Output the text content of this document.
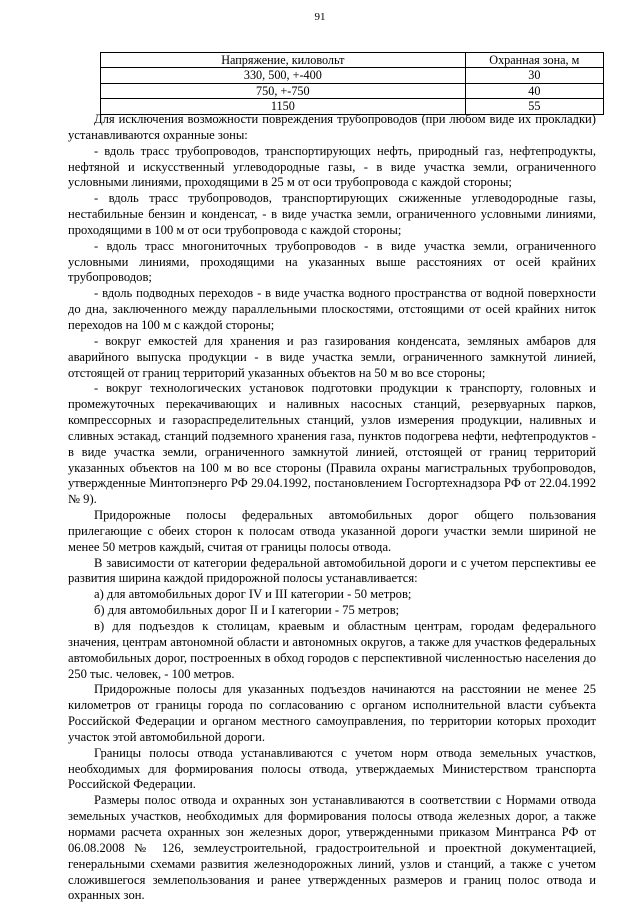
91
Напряжение, киловольт	Охранная зона, м
330, 500, +-400	30
750, +-750	40
1150	55

Для исключения возможности повреждения трубопроводов (при любом виде их прокладки) устанавливаются охранные зоны:

- вдоль трасс трубопроводов, транспортирующих нефть, природный газ, нефтепродукты, нефтяной и искусственный углеводородные газы, - в виде участка земли, ограниченного условными линиями, проходящими в 25 м от оси трубопровода с каждой стороны;

- вдоль трасс трубопроводов, транспортирующих сжиженные углеводородные газы, нестабильные бензин и конденсат, - в виде участка земли, ограниченного условными линиями, проходящими в 100 м от оси трубопровода с каждой стороны;

- вдоль трасс многониточных трубопроводов - в виде участка земли, ограниченного условными линиями, проходящими на указанных выше расстояниях от осей крайних трубопроводов;

- вдоль подводных переходов - в виде участка водного пространства от водной поверхности до дна, заключенного между параллельными плоскостями, отстоящими от осей крайних ниток переходов на 100 м с каждой стороны;

- вокруг емкостей для хранения и раз газирования конденсата, земляных амбаров для аварийного выпуска продукции - в виде участка земли, ограниченного замкнутой линией, отстоящей от границ территорий указанных объектов на 50 м во все стороны;

- вокруг технологических установок подготовки продукции к транспорту, головных и промежуточных перекачивающих и наливных насосных станций, резервуарных парков, компрессорных и газораспределительных станций, узлов измерения продукции, наливных и сливных эстакад, станций подземного хранения газа, пунктов подогрева нефти, нефтепродуктов - в виде участка земли, ограниченного замкнутой линией, отстоящей от границ территорий указанных объектов на 100 м во все стороны (Правила охраны магистральных трубопроводов, утвержденные Минтопэнерго РФ 29.04.1992, постановлением Госгортехнадзора РФ от 22.04.1992 № 9).

Придорожные полосы федеральных автомобильных дорог общего пользования прилегающие с обеих сторон к полосам отвода указанной дороги участки земли шириной не менее 50 метров каждый, считая от границы полосы отвода.

В зависимости от категории федеральной автомобильной дороги и с учетом перспективы ее развития ширина каждой придорожной полосы устанавливается:

а) для автомобильных дорог IV и III категории - 50 метров;

б) для автомобильных дорог II и I категории - 75 метров;

в) для подъездов к столицам, краевым и областным центрам, городам федерального значения, центрам автономной области и автономных округов, а также для участков федеральных автомобильных дорог, построенных в обход городов с перспективной численностью населения до 250 тыс. человек, - 100 метров.

Придорожные полосы для указанных подъездов начинаются на расстоянии не менее 25 километров от границы города по согласованию с органом исполнительной власти субъекта Российской Федерации и органом местного самоуправления, по территории которых проходит участок этой автомобильной дороги.

Границы полосы отвода устанавливаются с учетом норм отвода земельных участков, необходимых для формирования полосы отвода, утверждаемых Министерством транспорта Российской Федерации.

Размеры полос отвода и охранных зон устанавливаются в соответствии с Нормами отвода земельных участков, необходимых для формирования полосы отвода железных дорог, а также нормами расчета охранных зон железных дорог, утвержденными приказом Минтранса РФ от 06.08.2008 № 126, землеустроительной, градостроительной и проектной документацией, генеральными схемами развития железнодорожных линий, узлов и станций, а также с учетом сложившегося землепользования и ранее утвержденных размеров и границ полос отвода и охранных зон.
